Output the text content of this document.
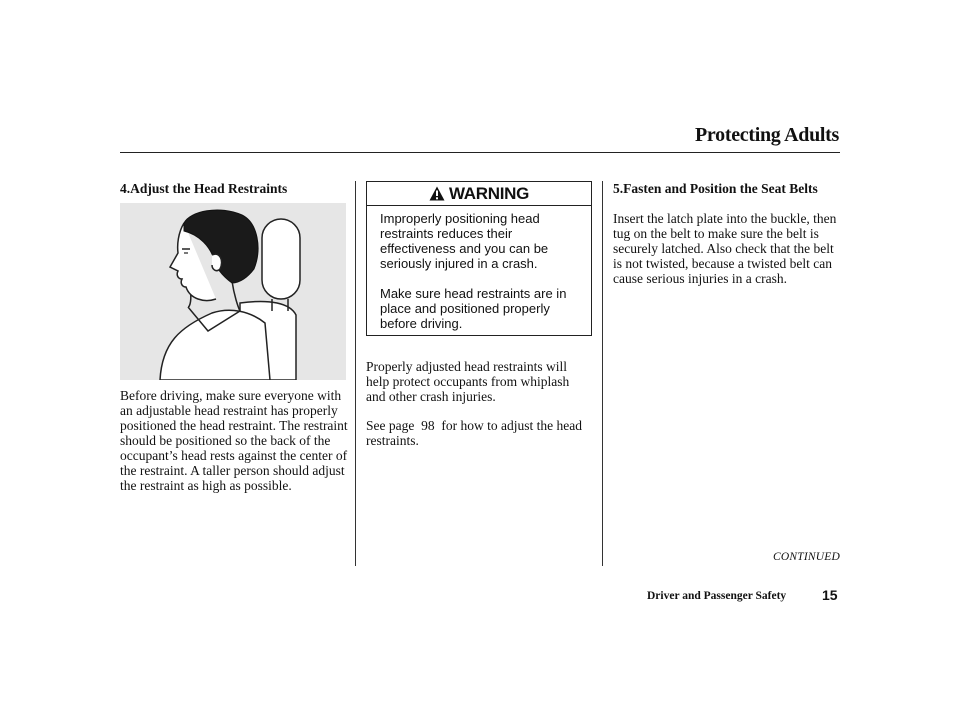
Protecting Adults
4.Adjust the Head Restraints
Before driving, make sure everyone with an adjustable head restraint has properly positioned the head restraint. The restraint should be positioned so the back of the occupant’s head rests against the center of the restraint. A taller person should adjust the restraint as high as possible.
WARNING

Improperly positioning head restraints reduces their effectiveness and you can be seriously injured in a crash.

Make sure head restraints are in place and positioned properly before driving.

Properly adjusted head restraints will help protect occupants from whiplash and other crash injuries.
See page  98  for how to adjust the head restraints.
5.Fasten and Position the Seat Belts
Insert the latch plate into the buckle, then tug on the belt to make sure the belt is securely latched. Also check that the belt is not twisted, because a twisted belt can cause serious injuries in a crash.
CONTINUED
Driver and Passenger Safety	15
